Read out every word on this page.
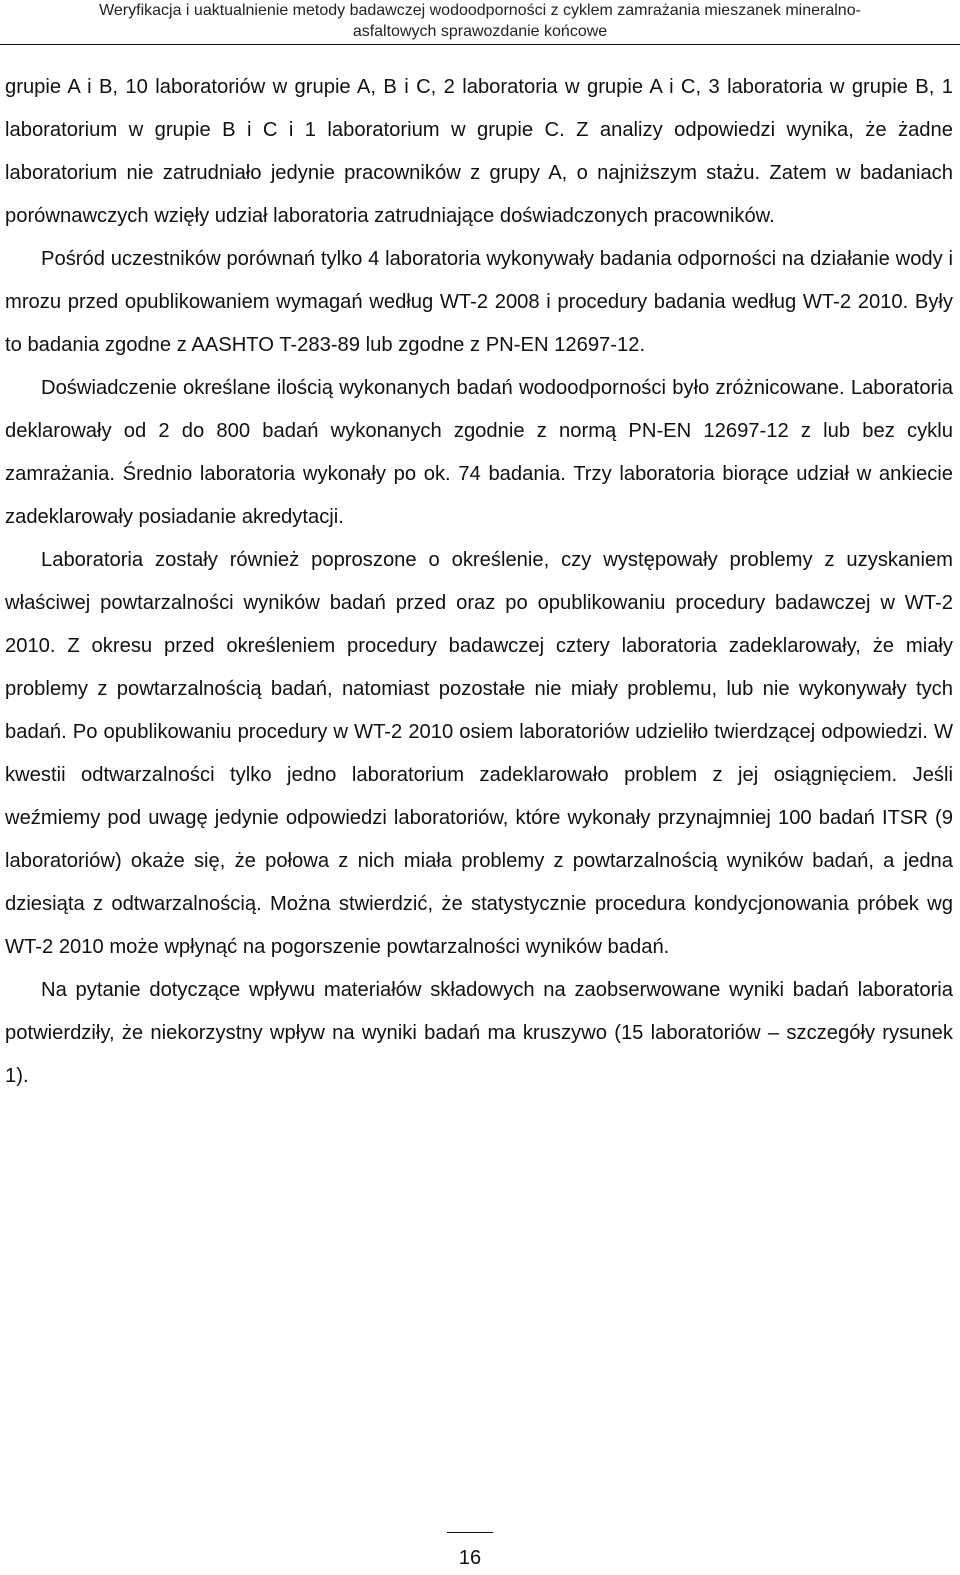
Weryfikacja i uaktualnienie metody badawczej wodoodporności z cyklem zamrażania mieszanek mineralno-
asfaltowych sprawozdanie końcowe

grupie A i B, 10 laboratoriów w grupie A, B i C, 2 laboratoria w grupie A i C, 3 laboratoria w grupie B, 1 laboratorium w grupie B i C i 1 laboratorium w grupie C. Z analizy odpowiedzi wynika, że żadne laboratorium nie zatrudniało jedynie pracowników z grupy A, o najniższym stażu. Zatem w badaniach porównawczych wzięły udział laboratoria zatrudniające doświadczonych pracowników.

Pośród uczestników porównań tylko 4 laboratoria wykonywały badania odporności na działanie wody i mrozu przed opublikowaniem wymagań według WT-2 2008 i procedury badania według WT-2 2010. Były to badania zgodne z AASHTO T-283-89 lub zgodne z PN-EN 12697-12.

Doświadczenie określane ilością wykonanych badań wodoodporności było zróżnicowane. Laboratoria deklarowały od 2 do 800 badań wykonanych zgodnie z normą PN-EN 12697-12 z lub bez cyklu zamrażania. Średnio laboratoria wykonały po ok. 74 badania. Trzy laboratoria biorące udział w ankiecie zadeklarowały posiadanie akredytacji.

Laboratoria zostały również poproszone o określenie, czy występowały problemy z uzyskaniem właściwej powtarzalności wyników badań przed oraz po opublikowaniu procedury badawczej w WT-2 2010. Z okresu przed określeniem procedury badawczej cztery laboratoria zadeklarowały, że miały problemy z powtarzalnością badań, natomiast pozostałe nie miały problemu, lub nie wykonywały tych badań. Po opublikowaniu procedury w WT-2 2010 osiem laboratoriów udzieliło twierdzącej odpowiedzi. W kwestii odtwarzalności tylko jedno laboratorium zadeklarowało problem z jej osiągnięciem. Jeśli weźmiemy pod uwagę jedynie odpowiedzi laboratoriów, które wykonały przynajmniej 100 badań ITSR (9 laboratoriów) okaże się, że połowa z nich miała problemy z powtarzalnością wyników badań, a jedna dziesiąta z odtwarzalnością. Można stwierdzić, że statystycznie procedura kondycjonowania próbek wg WT-2 2010 może wpłynąć na pogorszenie powtarzalności wyników badań.

Na pytanie dotyczące wpływu materiałów składowych na zaobserwowane wyniki badań laboratoria potwierdziły, że niekorzystny wpływ na wyniki badań ma kruszywo (15 laboratoriów – szczegóły rysunek 1).

16
